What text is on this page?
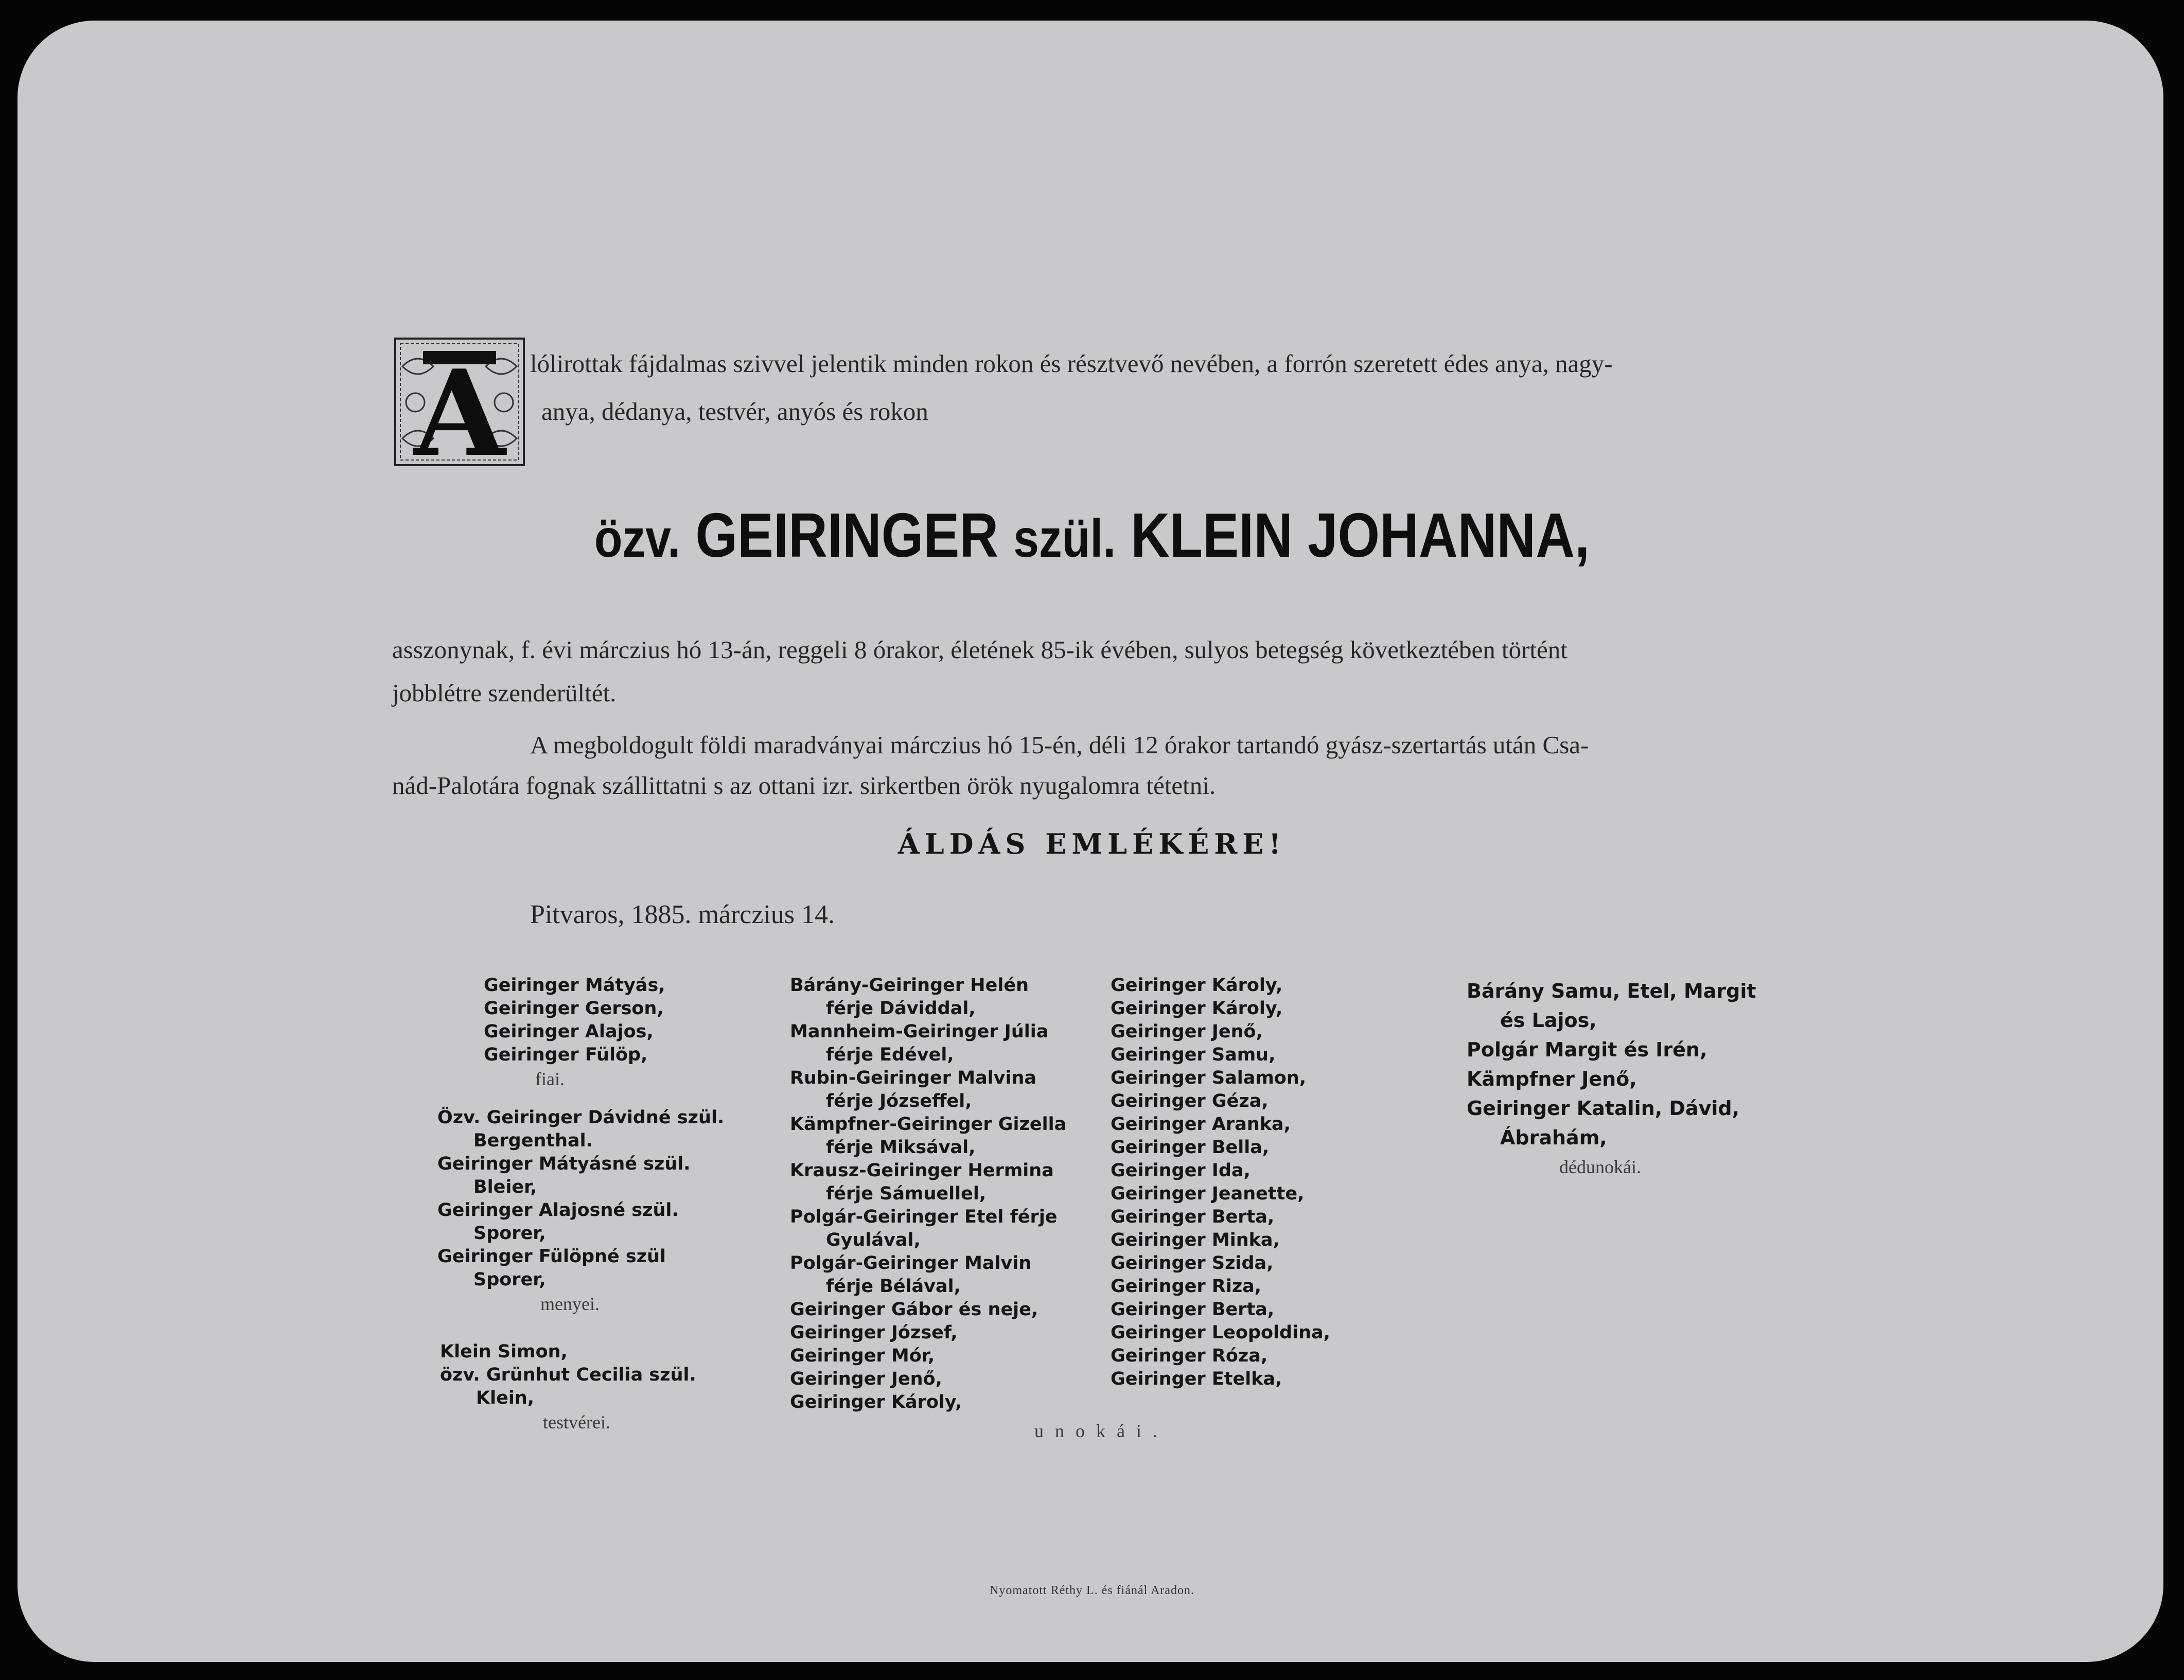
A lólirottak fájdalmas szivvel jelentik minden rokon és résztvevő nevében, a forrón szeretett édes anya, nagy-
anya, dédanya, testvér, anyós és rokon
özv. GEIRINGER szül. KLEIN JOHANNA,
asszonynak, f. évi márczius hó 13-án, reggeli 8 órakor, életének 85-ik évében, sulyos betegség következtében történt
jobblétre szenderültét.
A megboldogult földi maradványai márczius hó 15-én, déli 12 órakor tartandó gyász-szertartás után Csa-
nád-Palotára fognak szállittatni s az ottani izr. sirkertben örök nyugalomra tétetni.
ÁLDÁS EMLÉKÉRE!
Pitvaros, 1885. márczius 14.
Geiringer Mátyás,
Geiringer Gerson,
Geiringer Alajos,
Geiringer Fülöp,
fiai.
Özv. Geiringer Dávidné szül.
Bergenthal.
Geiringer Mátyásné szül.
Bleier,
Geiringer Alajosné szül.
Sporer,
Geiringer Fülöpné szül
Sporer,
menyei.
Klein Simon,
özv. Grünhut Cecilia szül.
Klein,
testvérei.
Bárány-Geiringer Helén
férje Dáviddal,
Mannheim-Geiringer Júlia
férje Edével,
Rubin-Geiringer Malvina
férje Józseffel,
Kämpfner-Geiringer Gizella
férje Miksával,
Krausz-Geiringer Hermina
férje Sámuellel,
Polgár-Geiringer Etel férje
Gyulával,
Polgár-Geiringer Malvin
férje Bélával,
Geiringer Gábor és neje,
Geiringer József,
Geiringer Mór,
Geiringer Jenő,
Geiringer Károly,
Geiringer Károly,
Geiringer Károly,
Geiringer Jenő,
Geiringer Samu,
Geiringer Salamon,
Geiringer Géza,
Geiringer Aranka,
Geiringer Bella,
Geiringer Ida,
Geiringer Jeanette,
Geiringer Berta,
Geiringer Minka,
Geiringer Szida,
Geiringer Riza,
Geiringer Berta,
Geiringer Leopoldina,
Geiringer Róza,
Geiringer Etelka,
unokái.
Bárány Samu, Etel, Margit
és Lajos,
Polgár Margit és Irén,
Kämpfner Jenő,
Geiringer Katalin, Dávid,
Ábrahám,
dédunokái.
Nyomatott Réthy L. és fiánál Aradon.
